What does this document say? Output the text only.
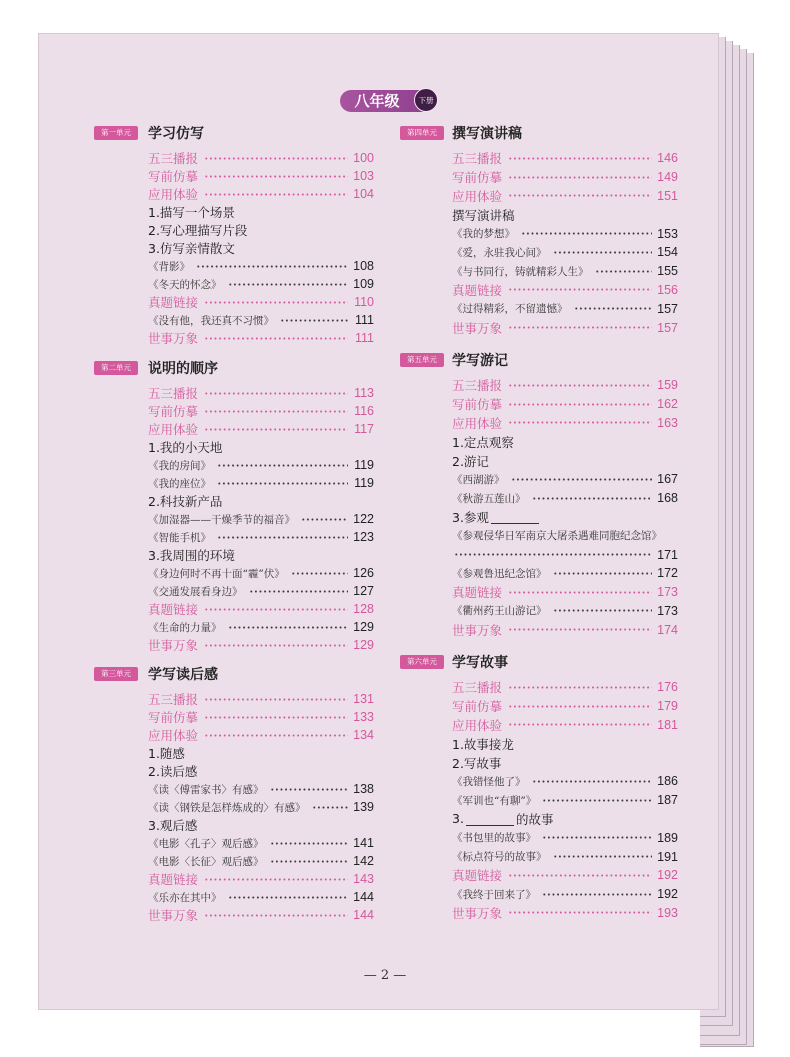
八年级	下册
第一单元	学习仿写
五三播报	100
写前仿摹	103
应用体验	104
1.描写一个场景
2.写心理描写片段
3.仿写亲情散文
《背影》	108
《冬天的怀念》	109
真题链接	110
《没有他，我还真不习惯》	111
世事万象	111
第二单元	说明的顺序
五三播报	113
写前仿摹	116
应用体验	117
1.我的小天地
《我的房间》	119
《我的座位》	119
2.科技新产品
《加湿器——干燥季节的福音》	122
《智能手机》	123
3.我周围的环境
《身边何时不再十面“霾”伏》	126
《交通发展看身边》	127
真题链接	128
《生命的力量》	129
世事万象	129
第三单元	学写读后感
五三播报	131
写前仿摹	133
应用体验	134
1.随感
2.读后感
《读〈傅雷家书〉有感》	138
《读〈钢铁是怎样炼成的〉有感》	139
3.观后感
《电影〈孔子〉观后感》	141
《电影〈长征〉观后感》	142
真题链接	143
《乐亦在其中》	144
世事万象	144
第四单元	撰写演讲稿
五三播报	146
写前仿摹	149
应用体验	151
撰写演讲稿
《我的梦想》	153
《爱，永驻我心间》	154
《与书同行，铸就精彩人生》	155
真题链接	156
《过得精彩，不留遗憾》	157
世事万象	157
第五单元	学写游记
五三播报	159
写前仿摹	162
应用体验	163
1.定点观察
2.游记
《西湖游》	167
《秋游五莲山》	168
3.参观
《参观侵华日军南京大屠杀遇难同胞纪念馆》
171
《参观鲁迅纪念馆》	172
真题链接	173
《衢州药王山游记》	173
世事万象	174
第六单元	学写故事
五三播报	176
写前仿摹	179
应用体验	181
1.故事接龙
2.写故事
《我错怪他了》	186
《军训也“有聊”》	187
3.	的故事
《书包里的故事》	189
《标点符号的故事》	191
真题链接	192
《我终于回来了》	192
世事万象	193
— 2 —
